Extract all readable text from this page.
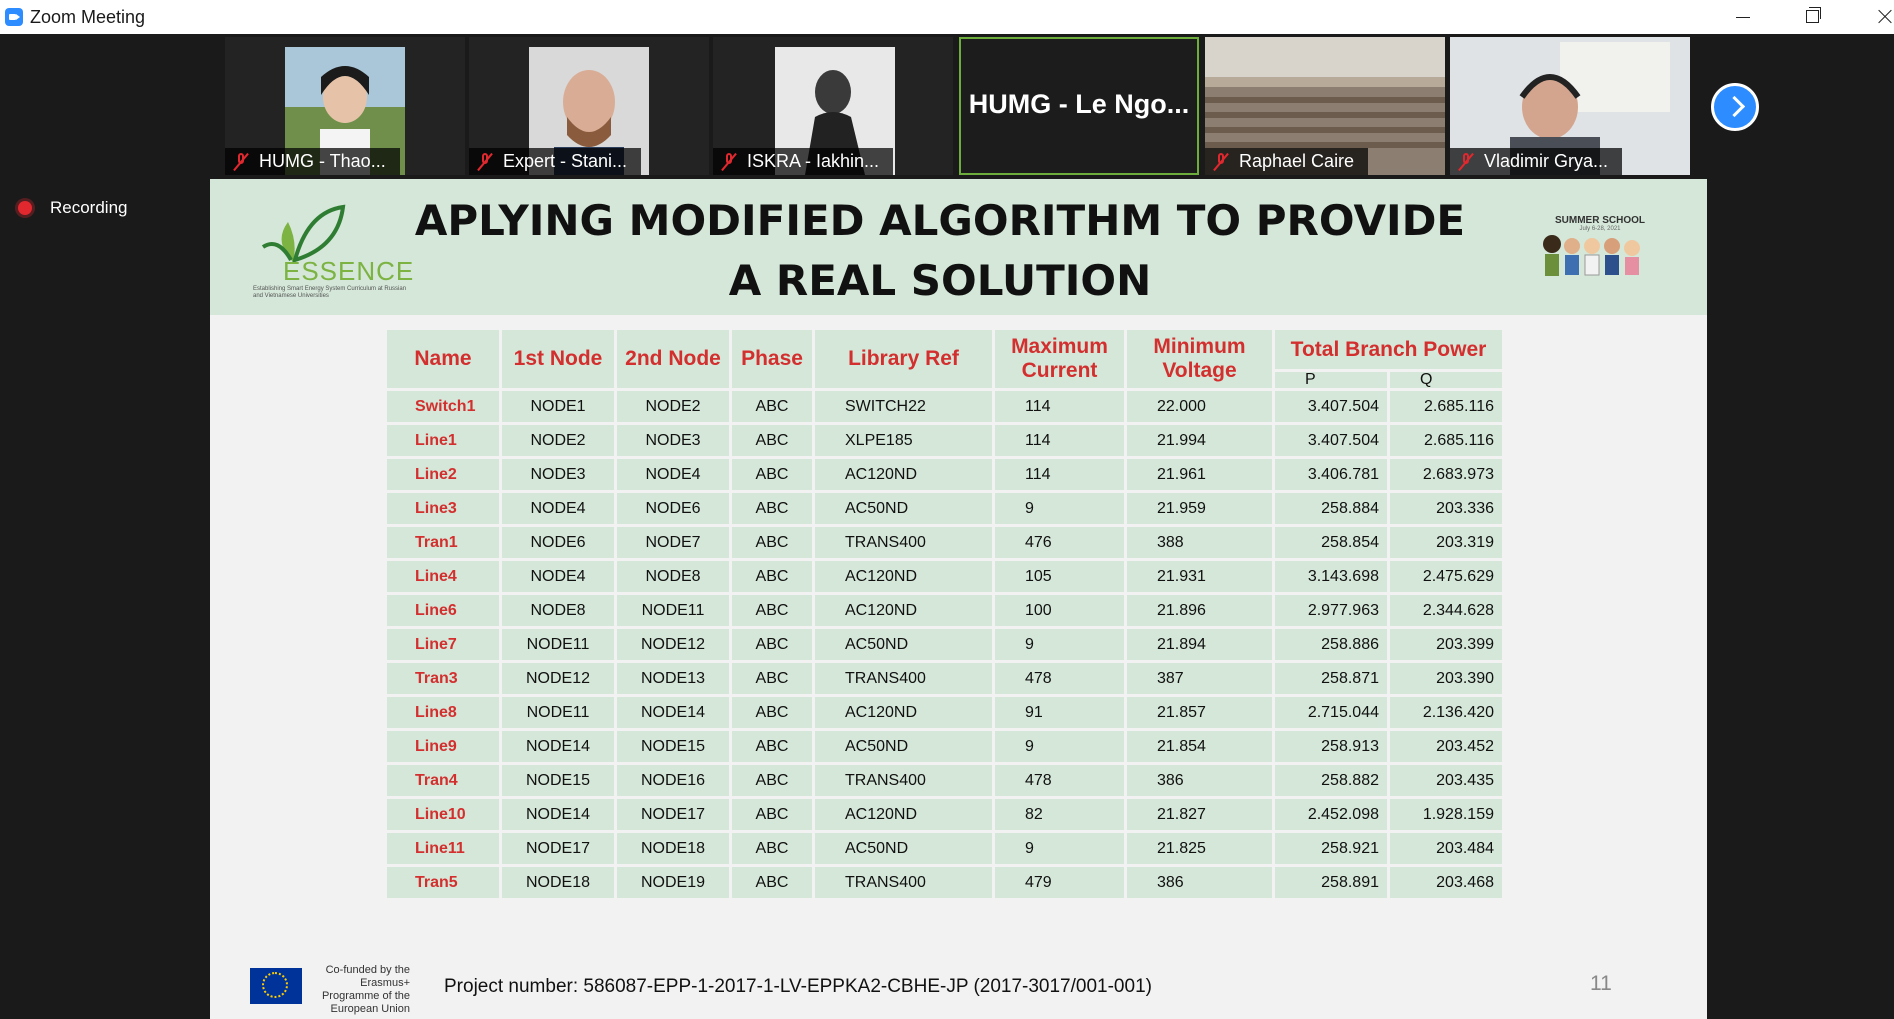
Zoom Meeting
HUMG - Thao...	Expert - Stani...	ISKRA - Iakhin...
HUMG - Le Ngo...
Raphael Caire	Vladimir Grya...
Recording
ESSENCE
Establishing Smart Energy System Curriculum at Russian and Vietnamese Universities
APLYING MODIFIED ALGORITHM TO PROVIDE A REAL SOLUTION
SUMMER SCHOOL
July 6-28, 2021
Name	1st Node	2nd Node	Phase	Library Ref	Maximum Current	Minimum Voltage	Total Branch Power	
							P	Q
Switch1	NODE1	NODE2	ABC	SWITCH22	114	22.000	3.407.504	2.685.116
Line1	NODE2	NODE3	ABC	XLPE185	114	21.994	3.407.504	2.685.116
Line2	NODE3	NODE4	ABC	AC120ND	114	21.961	3.406.781	2.683.973
Line3	NODE4	NODE6	ABC	AC50ND	9	21.959	258.884	203.336
Tran1	NODE6	NODE7	ABC	TRANS400	476	388	258.854	203.319
Line4	NODE4	NODE8	ABC	AC120ND	105	21.931	3.143.698	2.475.629
Line6	NODE8	NODE11	ABC	AC120ND	100	21.896	2.977.963	2.344.628
Line7	NODE11	NODE12	ABC	AC50ND	9	21.894	258.886	203.399
Tran3	NODE12	NODE13	ABC	TRANS400	478	387	258.871	203.390
Line8	NODE11	NODE14	ABC	AC120ND	91	21.857	2.715.044	2.136.420
Line9	NODE14	NODE15	ABC	AC50ND	9	21.854	258.913	203.452
Tran4	NODE15	NODE16	ABC	TRANS400	478	386	258.882	203.435
Line10	NODE14	NODE17	ABC	AC120ND	82	21.827	2.452.098	1.928.159
Line11	NODE17	NODE18	ABC	AC50ND	9	21.825	258.921	203.484
Tran5	NODE18	NODE19	ABC	TRANS400	479	386	258.891	203.468
Co-funded by the Erasmus+ Programme of the European Union
Project number: 586087-EPP-1-2017-1-LV-EPPKA2-CBHE-JP (2017-3017/001-001)	11
